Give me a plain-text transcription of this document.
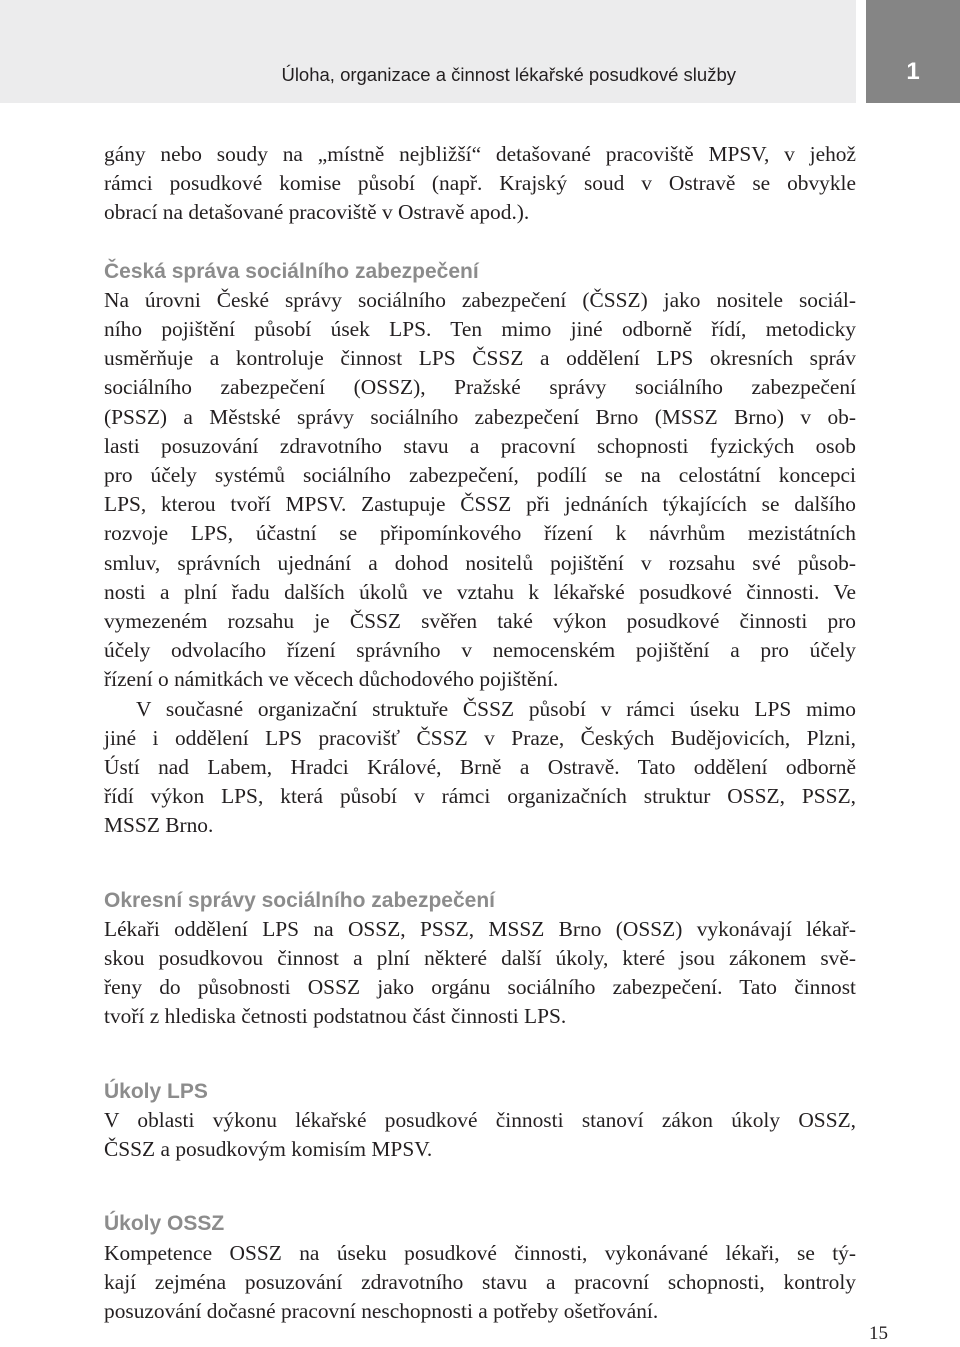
Úloha, organizace a činnost lékařské posudkové služby	1
gány nebo soudy na „místně nejbližší“ detašované pracoviště MPSV, v jehož
rámci posudkové komise působí (např. Krajský soud v Ostravě se obvykle
obrací na detašované pracoviště v Ostravě apod.).
Česká správa sociálního zabezpečení
Na úrovni České správy sociálního zabezpečení (ČSSZ) jako nositele sociál-
ního pojištění působí úsek LPS. Ten mimo jiné odborně řídí, metodicky
usměrňuje a kontroluje činnost LPS ČSSZ a oddělení LPS okresních správ
sociálního zabezpečení (OSSZ), Pražské správy sociálního zabezpečení
(PSSZ) a Městské správy sociálního zabezpečení Brno (MSSZ Brno) v ob-
lasti posuzování zdravotního stavu a pracovní schopnosti fyzických osob
pro účely systémů sociálního zabezpečení, podílí se na celostátní koncepci
LPS, kterou tvoří MPSV. Zastupuje ČSSZ při jednáních týkajících se dalšího
rozvoje LPS, účastní se připomínkového řízení k návrhům mezistátních
smluv, správních ujednání a dohod nositelů pojištění v rozsahu své působ-
nosti a plní řadu dalších úkolů ve vztahu k lékařské posudkové činnosti. Ve
vymezeném rozsahu je ČSSZ svěřen také výkon posudkové činnosti pro
účely odvolacího řízení správního v nemocenském pojištění a pro účely
řízení o námitkách ve věcech důchodového pojištění.
V současné organizační struktuře ČSSZ působí v rámci úseku LPS mimo
jiné i oddělení LPS pracovišť ČSSZ v Praze, Českých Budějovicích, Plzni,
Ústí nad Labem, Hradci Králové, Brně a Ostravě. Tato oddělení odborně
řídí výkon LPS, která působí v rámci organizačních struktur OSSZ, PSSZ,
MSSZ Brno.
Okresní správy sociálního zabezpečení
Lékaři oddělení LPS na OSSZ, PSSZ, MSSZ Brno (OSSZ) vykonávají lékař-
skou posudkovou činnost a plní některé další úkoly, které jsou zákonem svě-
řeny do působnosti OSSZ jako orgánu sociálního zabezpečení. Tato činnost
tvoří z hlediska četnosti podstatnou část činnosti LPS.
Úkoly LPS
V oblasti výkonu lékařské posudkové činnosti stanoví zákon úkoly OSSZ,
ČSSZ a posudkovým komisím MPSV.
Úkoly OSSZ
Kompetence OSSZ na úseku posudkové činnosti, vykonávané lékaři, se tý-
kají zejména posuzování zdravotního stavu a pracovní schopnosti, kontroly
posuzování dočasné pracovní neschopnosti a potřeby ošetřování.
15
